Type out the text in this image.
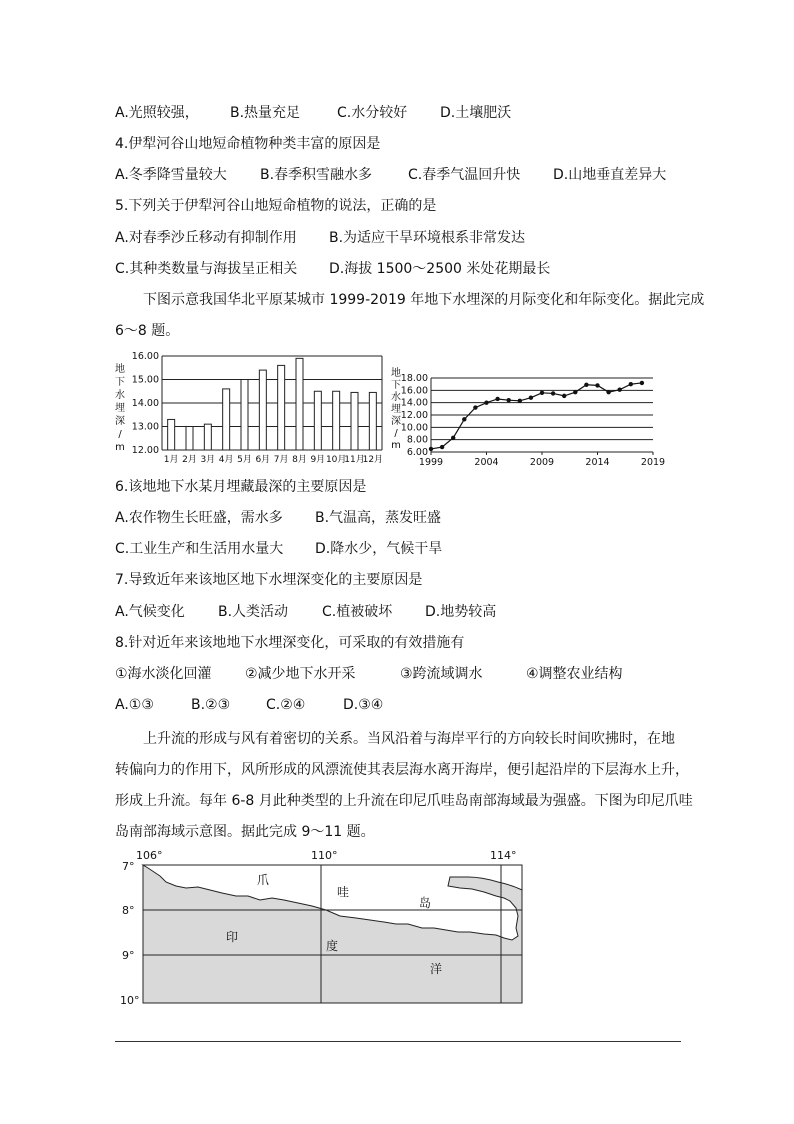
A.光照较强， B.热量充足	C.水分较好 D.土壤肥沃
4.伊犁河谷山地短命植物种类丰富的原因是
A.冬季降雪量较大 B.春季积雪融水多	C.春季气温回升快 D.山地垂直差异大
5.下列关于伊犁河谷山地短命植物的说法，正确的是
A.对春季沙丘移动有抑制作用 B.为适应干旱环境根系非常发达
C.其种类数量与海拔呈正相关 D.海拔 1500～2500 米处花期最长
下图示意我国华北平原某城市 1999-2019 年地下水埋深的月际变化和年际变化。据此完成
6～8 题。
地
下
水
埋
深
/
m 12.00
13.00
14.00
15.00
16.00
1月 2月 3月 4月 5月 6月 7月 8月 9月 10月
11月
12月
地
下
水
埋
深
/
m
6.00
8.00
10.00
12.00
14.00
16.00
18.00
1999	2004	2009	2014	2019
6.该地地下水某月埋藏最深的主要原因是
A.农作物生长旺盛，需水多 B.气温高，蒸发旺盛
C.工业生产和生活用水量大 D.降水少，气候干旱
7.导致近年来该地区地下水埋深变化的主要原因是
A.气候变化 B.人类活动 C.植被破坏 D.地势较高
8.针对近年来该地地下水埋深变化，可采取的有效措施有
①海水淡化回灌 ②减少地下水开采	③跨流域调水	④调整农业结构
A.①③	B.②③	C.②④	D.③④
上升流的形成与风有着密切的关系。当风沿着与海岸平行的方向较长时间吹拂时，在地
转偏向力的作用下，风所形成的风漂流使其表层海水离开海岸，便引起沿岸的下层海水上升，
形成上升流。每年 6-8 月此种类型的上升流在印尼爪哇岛南部海域最为强盛。下图为印尼爪哇
岛南部海域示意图。据此完成 9～11 题。
106°	110°	114°
7°
8°
9°
10°
爪
哇
岛
印
度
洋
